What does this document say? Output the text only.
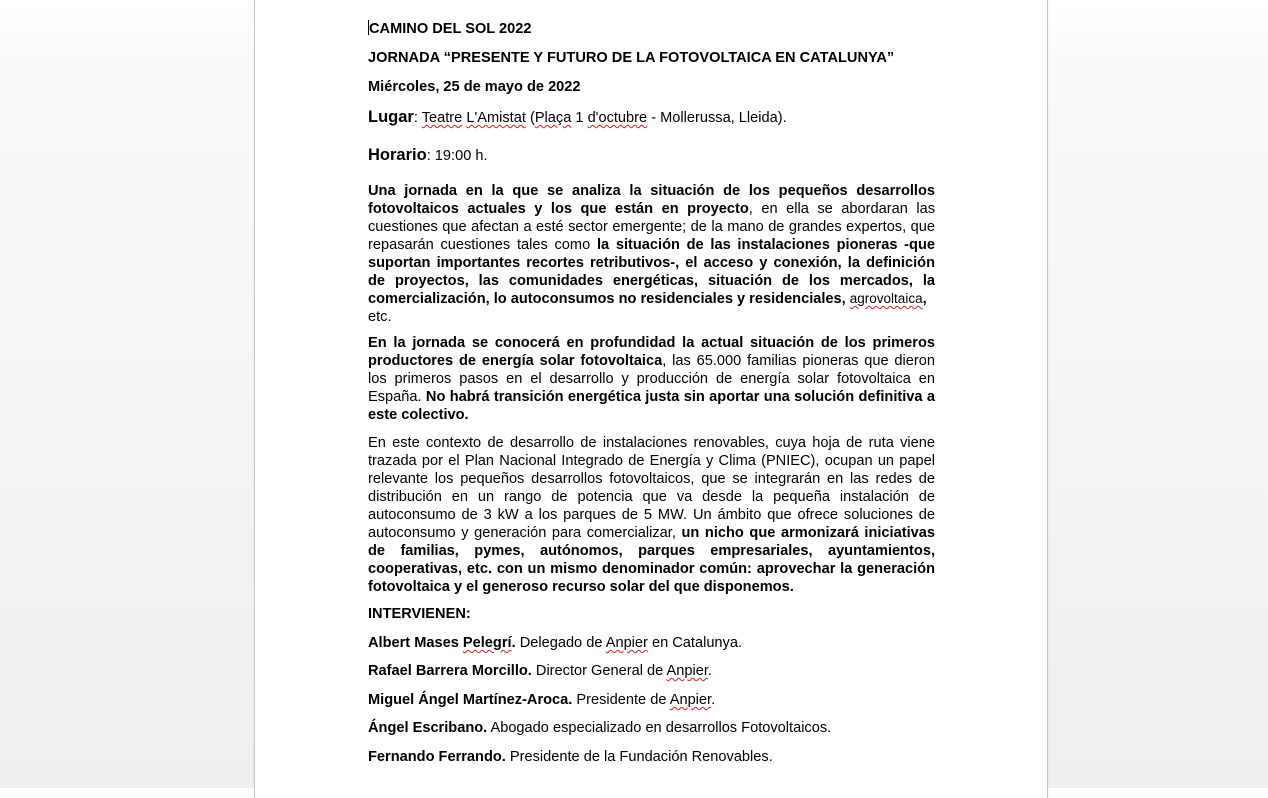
CAMINO DEL SOL 2022

JORNADA “PRESENTE Y FUTURO DE LA FOTOVOLTAICA EN CATALUNYA”

Miércoles, 25 de mayo de 2022

Lugar: Teatre L'Amistat (Plaça 1 d'octubre - Mollerussa, Lleida).

Horario: 19:00 h.

Una jornada en la que se analiza la situación de los pequeños desarrollos fotovoltaicos actuales y los que están en proyecto, en ella se abordaran las cuestiones que afectan a esté sector emergente; de la mano de grandes expertos, que repasarán cuestiones tales como la situación de las instalaciones pioneras -que suportan importantes recortes retributivos-, el acceso y conexión, la definición de proyectos, las comunidades energéticas, situación de los mercados, la comercialización, lo autoconsumos no residenciales y residenciales, agrovoltaica,
etc.

En la jornada se conocerá en profundidad la actual situación de los primeros productores de energía solar fotovoltaica, las 65.000 familias pioneras que dieron los primeros pasos en el desarrollo y producción de energía solar fotovoltaica en España. No habrá transición energética justa sin aportar una solución definitiva a este colectivo.

En este contexto de desarrollo de instalaciones renovables, cuya hoja de ruta viene trazada por el Plan Nacional Integrado de Energía y Clima (PNIEC), ocupan un papel relevante los pequeños desarrollos fotovoltaicos, que se integrarán en las redes de distribución en un rango de potencia que va desde la pequeña instalación de autoconsumo de 3 kW a los parques de 5 MW. Un ámbito que ofrece soluciones de autoconsumo y generación para comercializar, un nicho que armonizará iniciativas de familias, pymes, autónomos, parques empresariales, ayuntamientos, cooperativas, etc. con un mismo denominador común: aprovechar la generación fotovoltaica y el generoso recurso solar del que disponemos.

INTERVIENEN:

Albert Mases Pelegrí. Delegado de Anpier en Catalunya.

Rafael Barrera Morcillo. Director General de Anpier.

Miguel Ángel Martínez-Aroca. Presidente de Anpier.

Ángel Escribano. Abogado especializado en desarrollos Fotovoltaicos.

Fernando Ferrando. Presidente de la Fundación Renovables.
